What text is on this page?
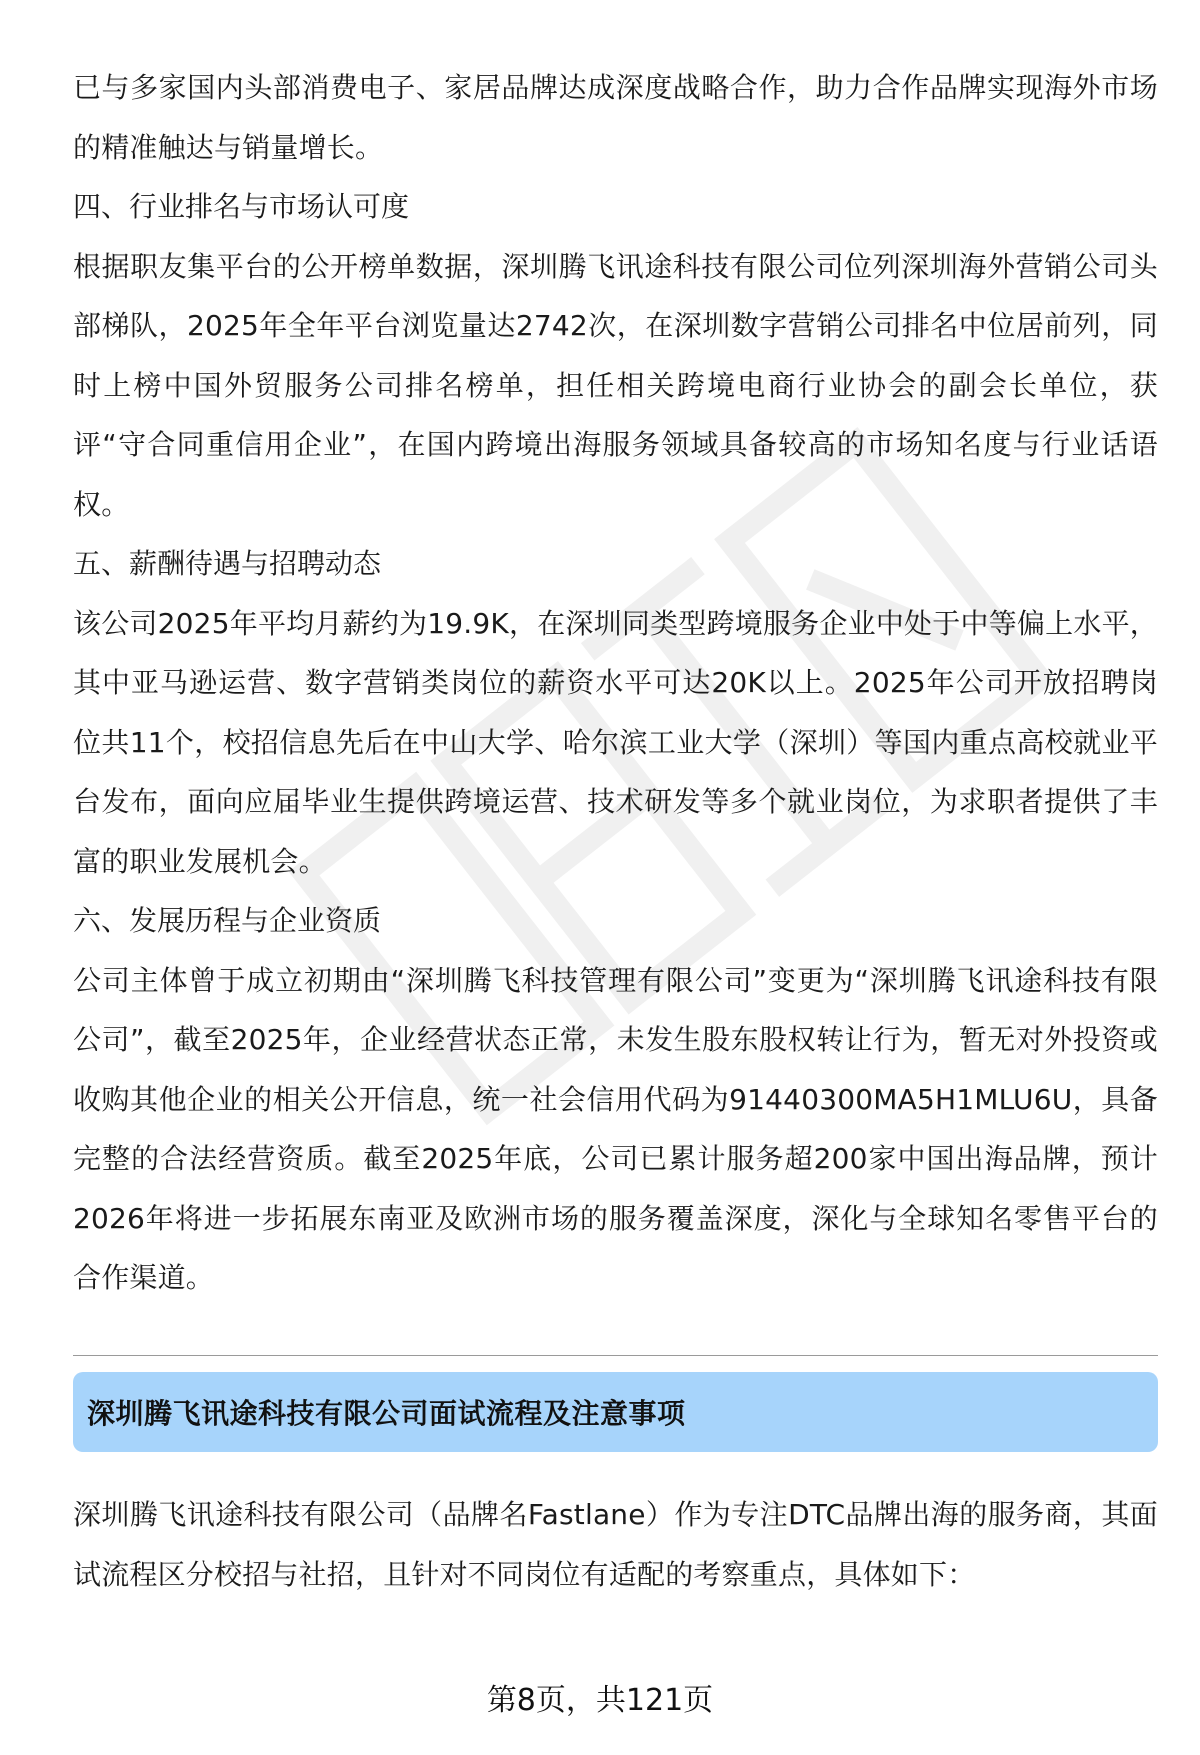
已与多家国内头部消费电子、家居品牌达成深度战略合作，助力合作品牌实现海外市场的精准触达与销量增长。

四、行业排名与市场认可度

根据职友集平台的公开榜单数据，深圳腾飞讯途科技有限公司位列深圳海外营销公司头部梯队，2025年全年平台浏览量达2742次，在深圳数字营销公司排名中位居前列，同时上榜中国外贸服务公司排名榜单，担任相关跨境电商行业协会的副会长单位，获评“守合同重信用企业”，在国内跨境出海服务领域具备较高的市场知名度与行业话语权。

五、薪酬待遇与招聘动态

该公司2025年平均月薪约为19.9K，在深圳同类型跨境服务企业中处于中等偏上水平，其中亚马逊运营、数字营销类岗位的薪资水平可达20K以上。2025年公司开放招聘岗位共11个，校招信息先后在中山大学、哈尔滨工业大学（深圳）等国内重点高校就业平台发布，面向应届毕业生提供跨境运营、技术研发等多个就业岗位，为求职者提供了丰富的职业发展机会。

六、发展历程与企业资质

公司主体曾于成立初期由“深圳腾飞科技管理有限公司”变更为“深圳腾飞讯途科技有限公司”，截至2025年，企业经营状态正常，未发生股东股权转让行为，暂无对外投资或收购其他企业的相关公开信息，统一社会信用代码为91440300MA5H1MLU6U，具备完整的合法经营资质。截至2025年底，公司已累计服务超200家中国出海品牌，预计2026年将进一步拓展东南亚及欧洲市场的服务覆盖深度，深化与全球知名零售平台的合作渠道。

深圳腾飞讯途科技有限公司面试流程及注意事项

深圳腾飞讯途科技有限公司（品牌名Fastlane）作为专注DTC品牌出海的服务商，其面试流程区分校招与社招，且针对不同岗位有适配的考察重点，具体如下：

第8页，共121页
